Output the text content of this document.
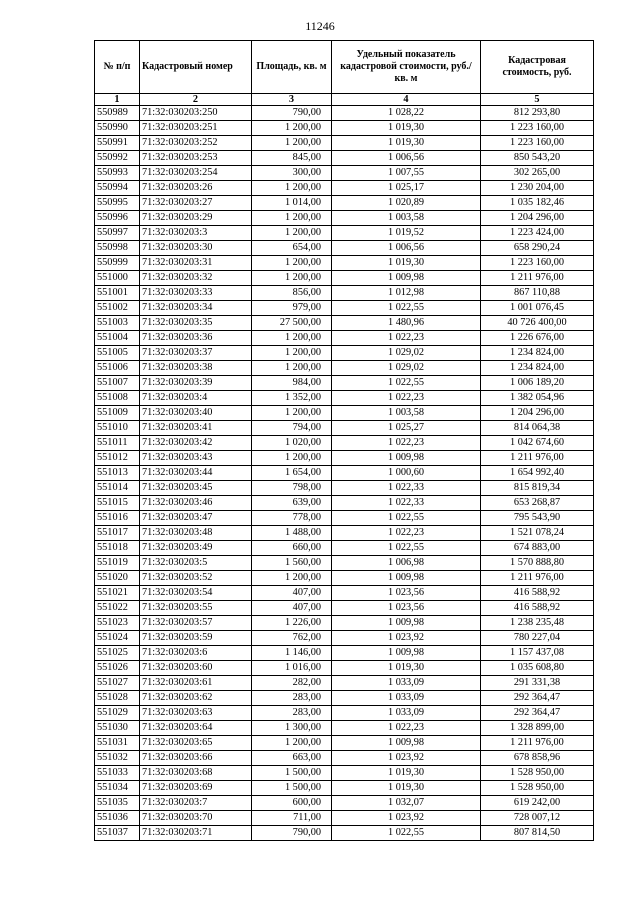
11246
№ п/п	Кадастровый номер	Площадь, кв. м	Удельный показатель кадастровой стоимости, руб./кв. м	Кадастровая стоимость, руб.
1	2	3	4	5
550989	71:32:030203:250	790,00	1 028,22	812 293,80
550990	71:32:030203:251	1 200,00	1 019,30	1 223 160,00
550991	71:32:030203:252	1 200,00	1 019,30	1 223 160,00
550992	71:32:030203:253	845,00	1 006,56	850 543,20
550993	71:32:030203:254	300,00	1 007,55	302 265,00
550994	71:32:030203:26	1 200,00	1 025,17	1 230 204,00
550995	71:32:030203:27	1 014,00	1 020,89	1 035 182,46
550996	71:32:030203:29	1 200,00	1 003,58	1 204 296,00
550997	71:32:030203:3	1 200,00	1 019,52	1 223 424,00
550998	71:32:030203:30	654,00	1 006,56	658 290,24
550999	71:32:030203:31	1 200,00	1 019,30	1 223 160,00
551000	71:32:030203:32	1 200,00	1 009,98	1 211 976,00
551001	71:32:030203:33	856,00	1 012,98	867 110,88
551002	71:32:030203:34	979,00	1 022,55	1 001 076,45
551003	71:32:030203:35	27 500,00	1 480,96	40 726 400,00
551004	71:32:030203:36	1 200,00	1 022,23	1 226 676,00
551005	71:32:030203:37	1 200,00	1 029,02	1 234 824,00
551006	71:32:030203:38	1 200,00	1 029,02	1 234 824,00
551007	71:32:030203:39	984,00	1 022,55	1 006 189,20
551008	71:32:030203:4	1 352,00	1 022,23	1 382 054,96
551009	71:32:030203:40	1 200,00	1 003,58	1 204 296,00
551010	71:32:030203:41	794,00	1 025,27	814 064,38
551011	71:32:030203:42	1 020,00	1 022,23	1 042 674,60
551012	71:32:030203:43	1 200,00	1 009,98	1 211 976,00
551013	71:32:030203:44	1 654,00	1 000,60	1 654 992,40
551014	71:32:030203:45	798,00	1 022,33	815 819,34
551015	71:32:030203:46	639,00	1 022,33	653 268,87
551016	71:32:030203:47	778,00	1 022,55	795 543,90
551017	71:32:030203:48	1 488,00	1 022,23	1 521 078,24
551018	71:32:030203:49	660,00	1 022,55	674 883,00
551019	71:32:030203:5	1 560,00	1 006,98	1 570 888,80
551020	71:32:030203:52	1 200,00	1 009,98	1 211 976,00
551021	71:32:030203:54	407,00	1 023,56	416 588,92
551022	71:32:030203:55	407,00	1 023,56	416 588,92
551023	71:32:030203:57	1 226,00	1 009,98	1 238 235,48
551024	71:32:030203:59	762,00	1 023,92	780 227,04
551025	71:32:030203:6	1 146,00	1 009,98	1 157 437,08
551026	71:32:030203:60	1 016,00	1 019,30	1 035 608,80
551027	71:32:030203:61	282,00	1 033,09	291 331,38
551028	71:32:030203:62	283,00	1 033,09	292 364,47
551029	71:32:030203:63	283,00	1 033,09	292 364,47
551030	71:32:030203:64	1 300,00	1 022,23	1 328 899,00
551031	71:32:030203:65	1 200,00	1 009,98	1 211 976,00
551032	71:32:030203:66	663,00	1 023,92	678 858,96
551033	71:32:030203:68	1 500,00	1 019,30	1 528 950,00
551034	71:32:030203:69	1 500,00	1 019,30	1 528 950,00
551035	71:32:030203:7	600,00	1 032,07	619 242,00
551036	71:32:030203:70	711,00	1 023,92	728 007,12
551037	71:32:030203:71	790,00	1 022,55	807 814,50
